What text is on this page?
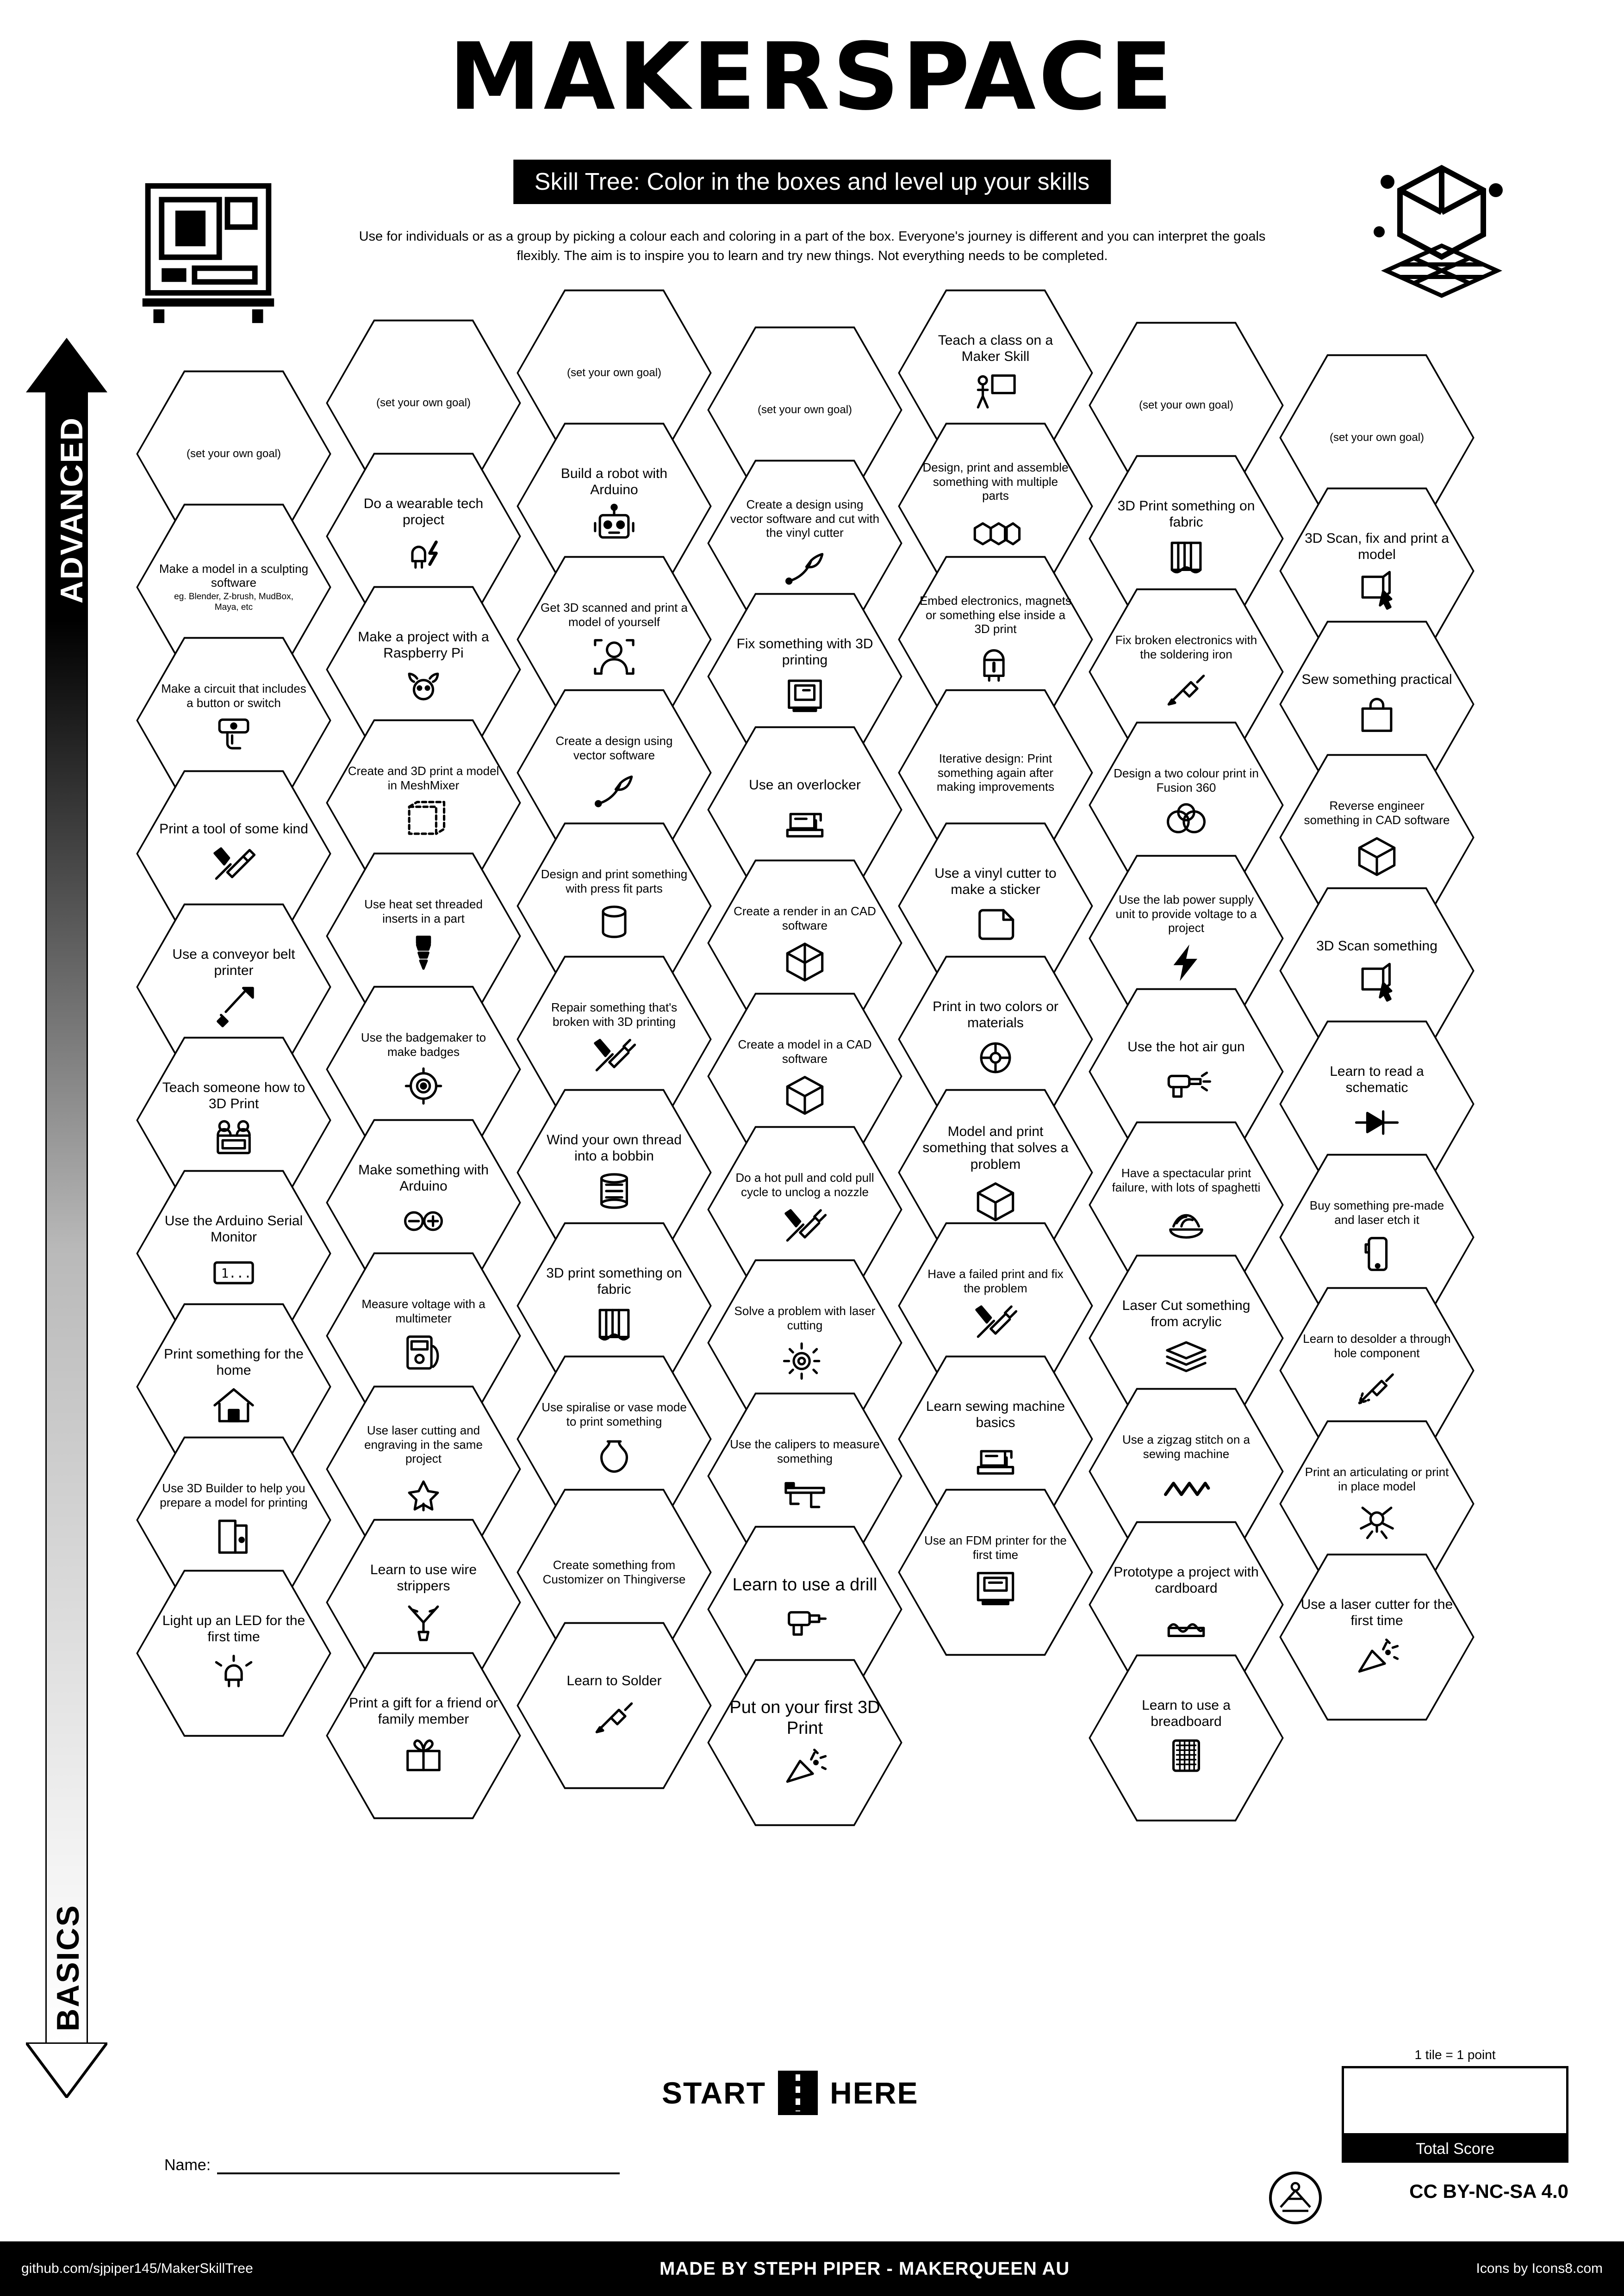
MAKERSPACE
Skill Tree: Color in the boxes and level up your skills
Use for individuals or as a group by picking a colour each and coloring in a part of the box. Everyone's journey is different and you can interpret the goals flexibly. The aim is to inspire you to learn and try new things. Not everything needs to be completed.
ADVANCED
BASICS
(set your own goal)
Make a model in a sculpting software
eg. Blender, Z-brush, MudBox, Maya, etc
Make a circuit that includes a button or switch
Print a tool of some kind
Use a conveyor belt printer
Teach someone how to 3D Print
Use the Arduino Serial Monitor
1...
Print something for the home
Use 3D Builder to help you prepare a model for printing
Light up an LED for the first time
(set your own goal)
Do a wearable tech project
Make a project with a Raspberry Pi
Create and 3D print a model in MeshMixer
Use heat set threaded inserts in a part
Use the badgemaker to make badges
Make something with Arduino
Measure voltage with a multimeter
Use laser cutting and engraving in the same project
Learn to use wire strippers
Print a gift for a friend or family member
(set your own goal)
Build a robot with Arduino
Get 3D scanned and print a model of yourself
Create a design using vector software
Design and print something with press fit parts
Repair something that's broken with 3D printing
Wind your own thread into a bobbin
3D print something on fabric
Use spiralise or vase mode to print something
Create something from Customizer on Thingiverse
Learn to Solder
(set your own goal)
Create a design using vector software and cut with the vinyl cutter
Fix something with 3D printing
Use an overlocker
Create a render in an CAD software
Create a model in a CAD software
Do a hot pull and cold pull cycle to unclog a nozzle
Solve a problem with laser cutting
Use the calipers to measure something
Learn to use a drill
Put on your first 3D Print
Teach a class on a Maker Skill
Design, print and assemble something with multiple parts
Embed electronics, magnets or something else inside a 3D print
Iterative design: Print something again after making improvements
Use a vinyl cutter to make a sticker
Print in two colors or materials
Model and print something that solves a problem
Have a failed print and fix the problem
Learn sewing machine basics
Use an FDM printer for the first time
(set your own goal)
3D Print something on fabric
Fix broken electronics with the soldering iron
Design a two colour print in Fusion 360
Use the lab power supply unit to provide voltage to a project
Use the hot air gun
Have a spectacular print failure, with lots of spaghetti
Laser Cut something from acrylic
Use a zigzag stitch on a sewing machine
Prototype a project with cardboard
Learn to use a breadboard
(set your own goal)
3D Scan, fix and print a model
Sew something practical
Reverse engineer something in CAD software
3D Scan something
Learn to read a schematic
Buy something pre-made and laser etch it
Learn to desolder a through hole component
Print an articulating or print in place model
Use a laser cutter for the first time
START HERE
Name:
1 tile = 1 point
Total Score
CC BY-NC-SA 4.0
github.com/sjpiper145/MakerSkillTree	MADE BY STEPH PIPER - MAKERQUEEN AU	Icons by Icons8.com
